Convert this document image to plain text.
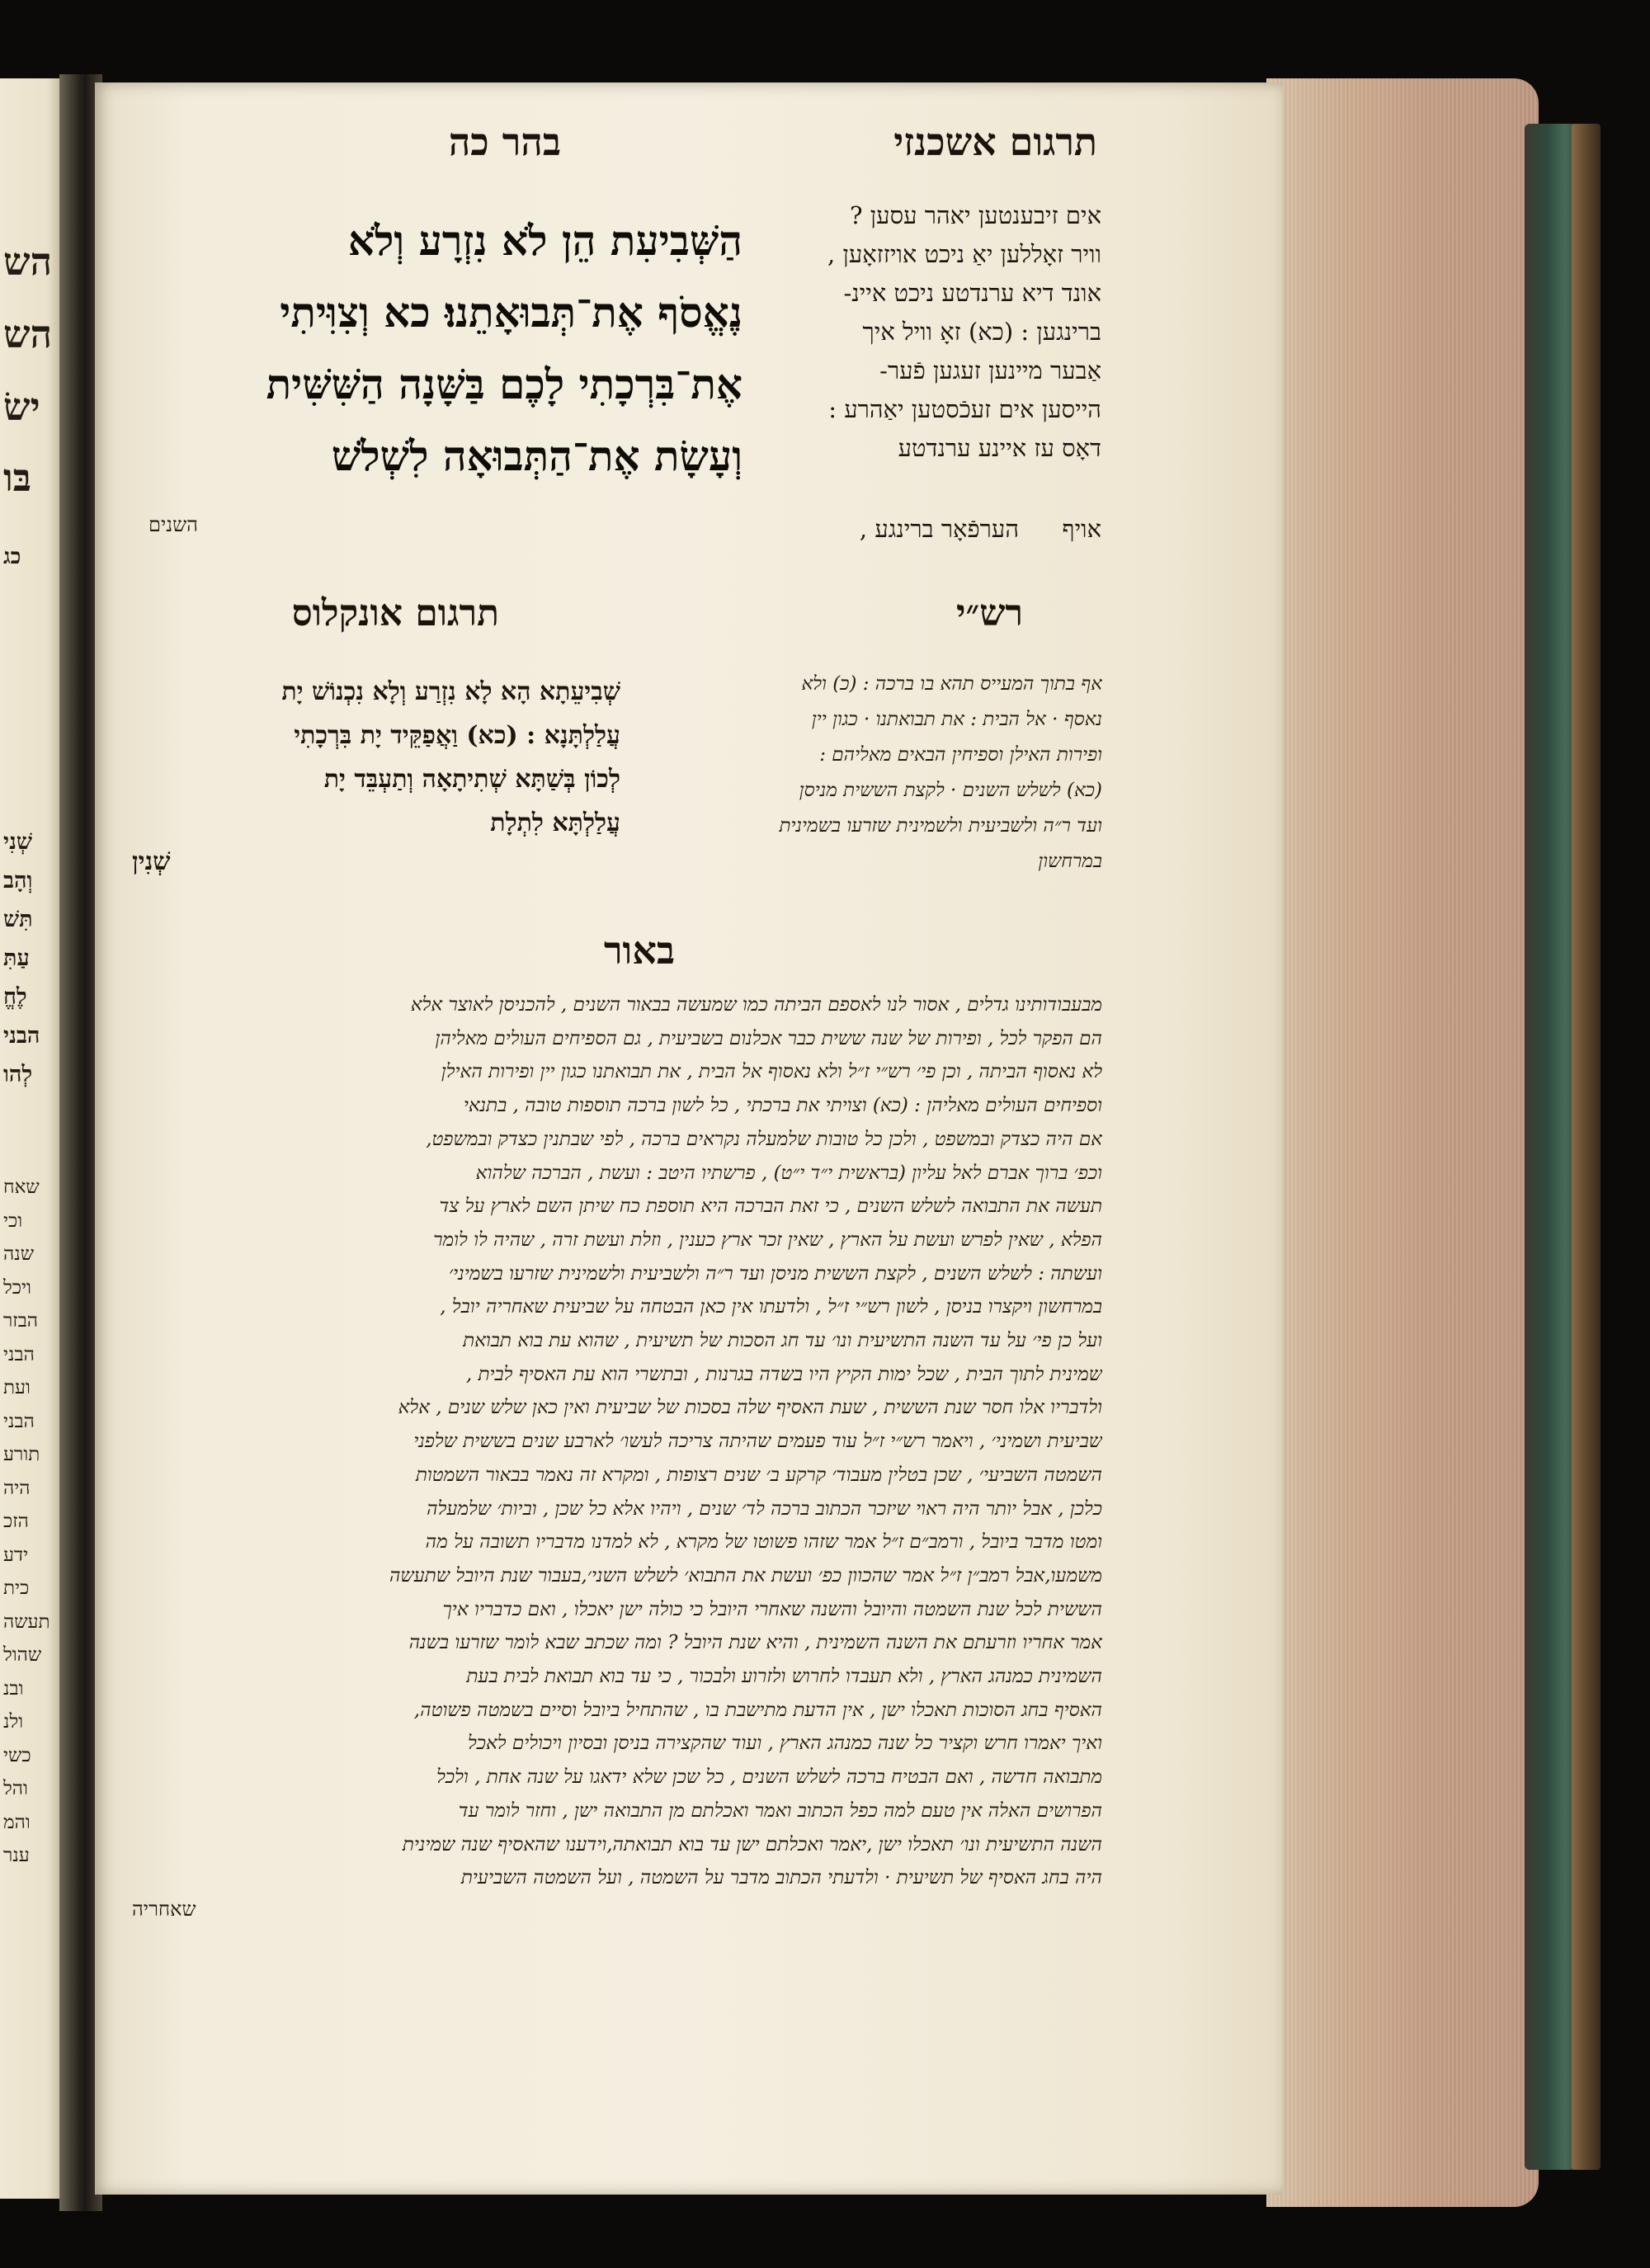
תרגום אשכנזי
בהר כה
אים זיבענטען יאהר עסען ?
וויר זאָללען יאַ ניכט אויזזאָען ,
אונד דיא ערנדטע ניכט איינ-
ברינגען : (כא) זאָ וויל איך
אַבער מיינען זעגען פֿער-
הייסען אים זעכֿסטען יאַהרע :
דאָס עז איינע ערנדטע
אויף
הערפֿאָר ברינגע ,
הַשְּׁבִיעִת הֵן לֹא נִזְרָע וְלֹא
נֶאֱסֹף אֶת־תְּבוּאָתֵנוּ׃ כא וְצִוִּיתִי
אֶת־בִּרְכָתִי לָכֶם בַּשָּׁנָה הַשִּׁשִּׁית
וְעָשָׂת אֶת־הַתְּבוּאָה לִשְׁלֹשׁ
השנים
רש״י
תרגום אונקלוס
אף בתוך המעייס תהא בו ברכה : (כ) ולא
נאסף · אל הבית : את תבואתנו · כגון יין
ופירות האילן וספיחין הבאים מאליהם :
(כא) לשלש השנים · לקצת הששית מניסן
ועד ר״ה ולשביעית ולשמינית שזרעו בשמינית
במרחשון
שְׁבִיעֵתָא הָא לָא נִזְרַע וְלָא נִכְנוֹשׁ יָת
עֲלַלְתָּנָא : (כא) וַאֲפַקֵּיד יָת בִּרְכָתִי
לְכוֹן בְּשַׁתָּא שְׁתִיתָאָה וְתַעְבֵּד יָת
עֲלַלְתָּא לִתְלָת
שְׁנִין
באור
מבעבודותינו גדלים , אסור לנו לאספם הביתה כמו שמעשה בבאור השנים , להכניסן לאוצר אלא
הם הפקר לכל , ופירות של שנה ששית כבר אכלנום בשביעית , גם הספיחים העולים מאליהן
לא נאסוף הביתה , וכן פי׳ רש״י ז״ל ולא נאסוף אל הבית , את תבואתנו כגון יין ופירות האילן
וספיחים העולים מאליהן : (כא) וצויתי את ברכתי , כל לשון ברכה תוספות טובה , בתנאי
אם היה כצדק ובמשפט , ולכן כל טובות שלמעלה נקראים ברכה , לפי שבתנין כצדק ובמשפט,
וכפ׳ ברוך אברם לאל עליון (בראשית י״ד י״ט) , פרשתיו היטב : ועשת , הברכה שלהוא
תעשה את התבואה לשלש השנים , כי זאת הברכה היא תוספת כח שיתן השם לארץ על צד
הפלא , שאין לפרש ועשת על הארץ , שאין זכר ארץ כענין , וזלת ועשת זרה , שהיה לו לומר
ועשתה : לשלש השנים , לקצת הששית מניסן ועד ר״ה ולשביעית ולשמינית שזרעו בשמיני׳
במרחשון ויקצרו בניסן , לשון רש״י ז״ל , ולדעתו אין כאן הבטחה על שביעית שאחריה יובל ,
ועל כן פי׳ על עד השנה התשיעית ונו׳ עד חג הסכות של תשיעית , שהוא עת בוא תבואת
שמינית לתוך הבית , שכל ימות הקיץ היו בשדה בגרנות , ובתשרי הוא עת האסיף לבית ,
ולדבריו אלו חסר שנת הששית , שעת האסיף שלה בסכות של שביעית ואין כאן שלש שנים , אלא
שביעית ושמיני׳ , ויאמר רש״י ז״ל עוד פעמים שהיתה צריכה לעשו׳ לארבע שנים בששית שלפני
השמטה השביעי׳ , שכן בטלין מעבוד׳ קרקע ב׳ שנים רצופות , ומקרא זה נאמר בבאור השמטות
כלכן , אבל יותר היה ראוי שיזכר הכתוב ברכה לד׳ שנים , ויהיו אלא כל שכן , וביות׳ שלמעלה
ומטו מדבר ביובל , ורמב״ם ז״ל אמר שזהו פשוטו של מקרא , לא למדנו מדבריו תשובה על מה
משמעו,אבל רמב״ן ז״ל אמר שהכוון כפ׳ ועשת את התבוא׳ לשלש השני׳,בעבור שנת היובל שתעשה
הששית לכל שנת השמטה והיובל והשנה שאחרי היובל כי כולה ישן יאכלו , ואם כדבריו איך
אמר אחריו וזרעתם את השנה השמינית , והיא שנת היובל ? ומה שכתב שבא לומר שזרעו בשנה
השמינית כמנהג הארץ , ולא תעבדו לחרוש ולזרוע ולבכור , כי עד בוא תבואת לבית בעת
האסיף בחג הסוכות תאכלו ישן , אין הדעת מתישבת בו , שהתחיל ביובל וסיים בשמטה פשוטה,
ואיך יאמרו חרש וקציר כל שנה כמנהג הארץ , ועוד שהקצירה בניסן ובסיון ויכולים לאכל
מתבואה חדשה , ואם הבטיח ברכה לשלש השנים , כל שכן שלא ידאגו על שנה אחת , ולכל
הפרושים האלה אין טעם למה כפל הכתוב ואמר ואכלתם מן התבואה ישן , וחזר לומר עד
השנה התשיעית ונו׳ תאכלו ישן ,יאמר ואכלתם ישן עד בוא תבואתה,וידענו שהאסיף שנה שמינית
היה בחג האסיף של תשיעית · ולדעתי הכתוב מדבר על השמטה , ועל השמטה השביעית
שאחריה
הש
הש
ישׂ
בּו
כג
שְׁנִי
וְהָב
תִּשׁ
עַתִּ
לֶחֱ
הבני
לְהו
שאח
וכי
שנה
ויכל
הבזר
הבני
ועת
הבני
תורע
היה
הזכ
ידע
כית
תעשה
שהול
ובנ
ולנ
כשי
והל
והמ
ענר
